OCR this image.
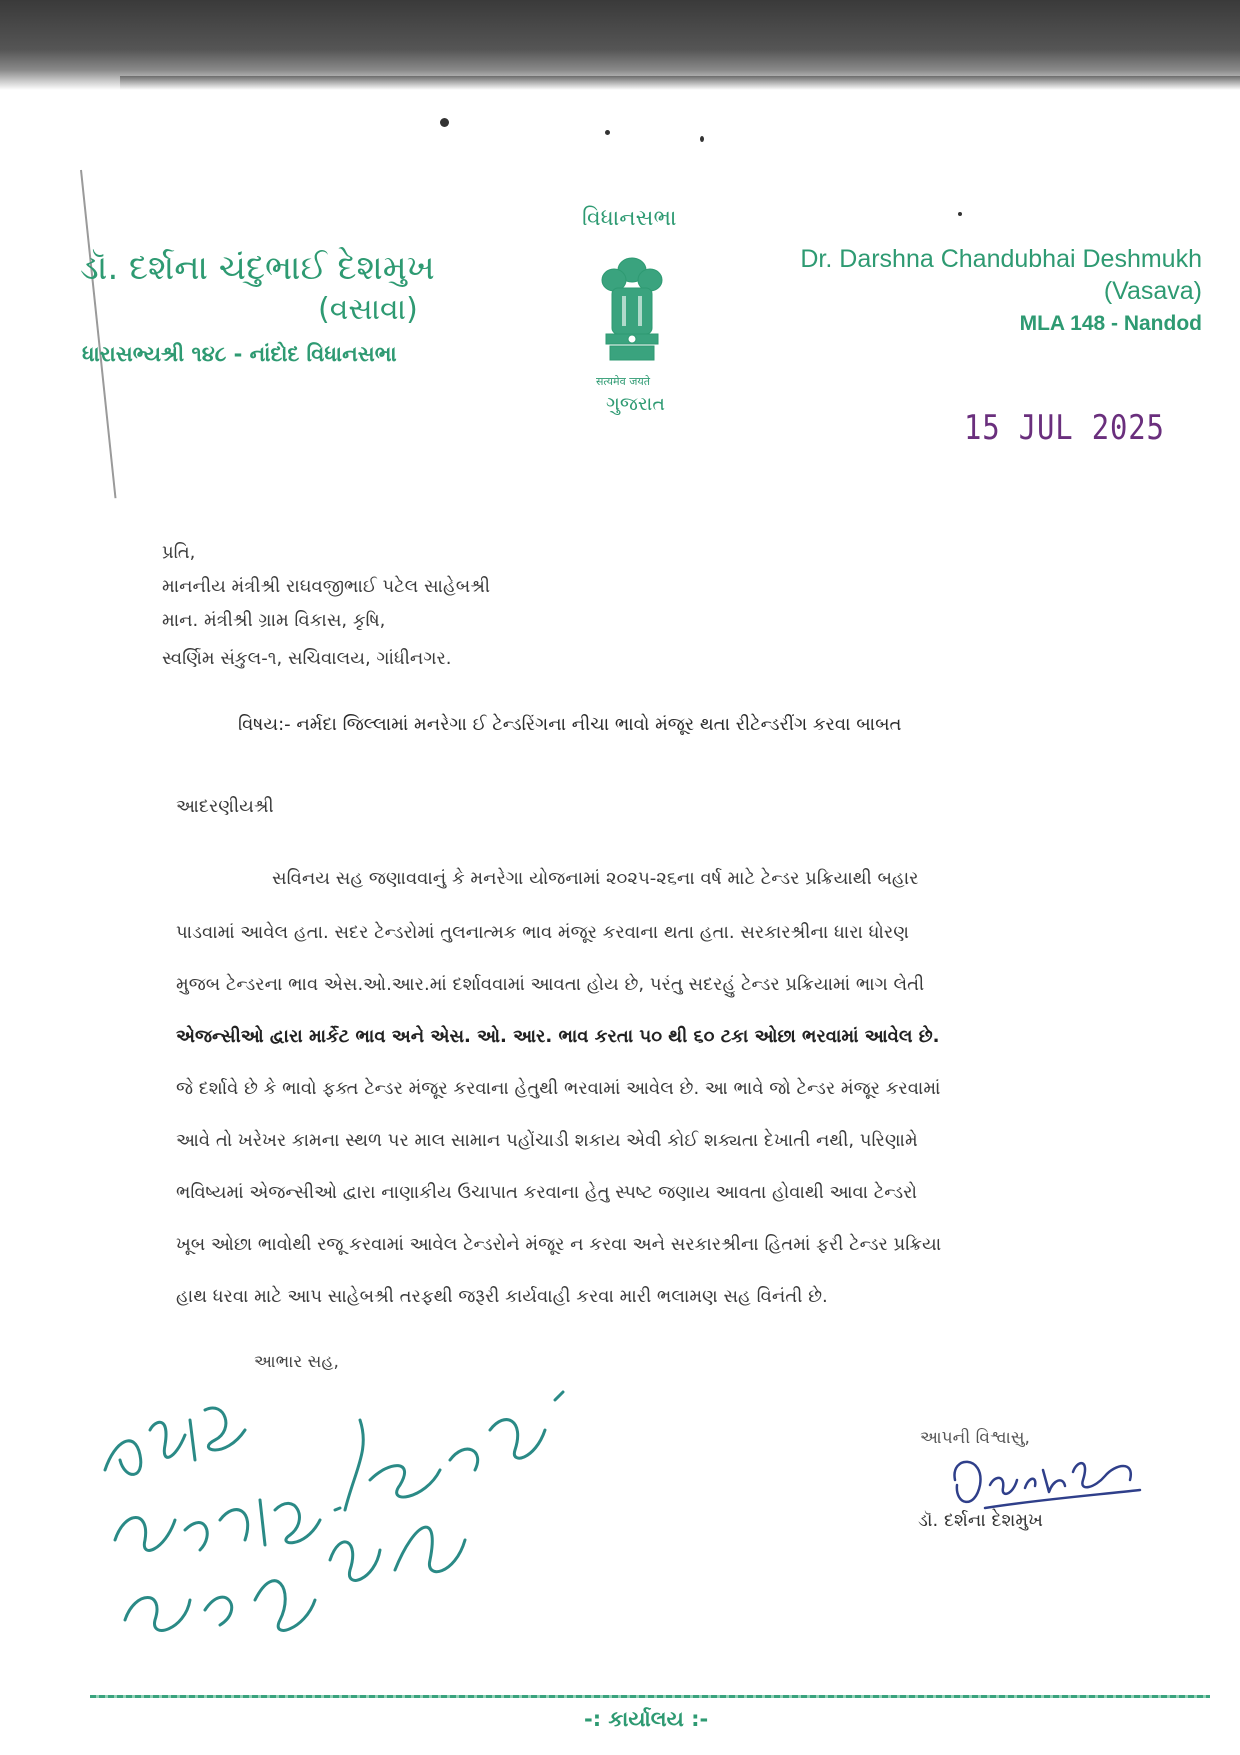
ડૉ. દર્શના ચંદુભાઈ દેશમુખ
(વસાવા)
ધારાસભ્યશ્રી ૧૪૮ - નાંદોદ વિધાનસભા
વિધાનસભા
सत्यमेव जयते
ગુજરાત
Dr. Darshna Chandubhai Deshmukh
(Vasava)
MLA 148 - Nandod
15 JUL 2025
પ્રતિ,
માનનીય મંત્રીશ્રી રાઘવજીભાઈ પટેલ સાહેબશ્રી
માન. મંત્રીશ્રી ગ્રામ વિકાસ, કૃષિ,
સ્વર્ણિમ સંકુલ-૧, સચિવાલય, ગાંધીનગર.
વિષય:- નર્મદા જિલ્લામાં મનરેગા ઈ ટેન્ડરિંગના નીચા ભાવો મંજૂર થતા રીટેન્ડરીંગ કરવા બાબત
આદરણીયશ્રી
સવિનય સહ જણાવવાનું કે મનરેગા યોજનામાં ૨૦૨૫-૨૬ના વર્ષ માટે ટેન્ડર પ્રક્રિયાથી બહાર
પાડવામાં આવેલ હતા. સદર ટેન્ડરોમાં તુલનાત્મક ભાવ મંજૂર કરવાના થતા હતા. સરકારશ્રીના ધારા ધોરણ
મુજબ ટેન્ડરના ભાવ એસ.ઓ.આર.માં દર્શાવવામાં આવતા હોય છે, પરંતુ સદરહું ટેન્ડર પ્રક્રિયામાં ભાગ લેતી
એજન્સીઓ દ્વારા માર્કેટ ભાવ અને એસ. ઓ. આર. ભાવ કરતા ૫૦ થી ૬૦ ટકા ઓછા ભરવામાં આવેલ છે.
જે દર્શાવે છે કે ભાવો ફક્ત ટેન્ડર મંજૂર કરવાના હેતુથી ભરવામાં આવેલ છે. આ ભાવે જો ટેન્ડર મંજૂર કરવામાં
આવે તો ખરેખર કામના સ્થળ પર માલ સામાન પહોંચાડી શકાય એવી કોઈ શક્યતા દેખાતી નથી, પરિણામે
ભવિષ્યમાં એજન્સીઓ દ્વારા નાણાકીય ઉચાપાત કરવાના હેતુ સ્પષ્ટ જણાય આવતા હોવાથી આવા ટેન્ડરો
ખૂબ ઓછા ભાવોથી રજૂ કરવામાં આવેલ ટેન્ડરોને મંજૂર ન કરવા અને સરકારશ્રીના હિતમાં ફરી ટેન્ડર પ્રક્રિયા
હાથ ધરવા માટે આપ સાહેબશ્રી તરફથી જરૂરી કાર્યવાહી કરવા મારી ભલામણ સહ વિનંતી છે.
આભાર સહ,
આપની વિશ્વાસુ,
ડૉ. દર્શના દેશમુખ
-: કાર્યાલય :-
